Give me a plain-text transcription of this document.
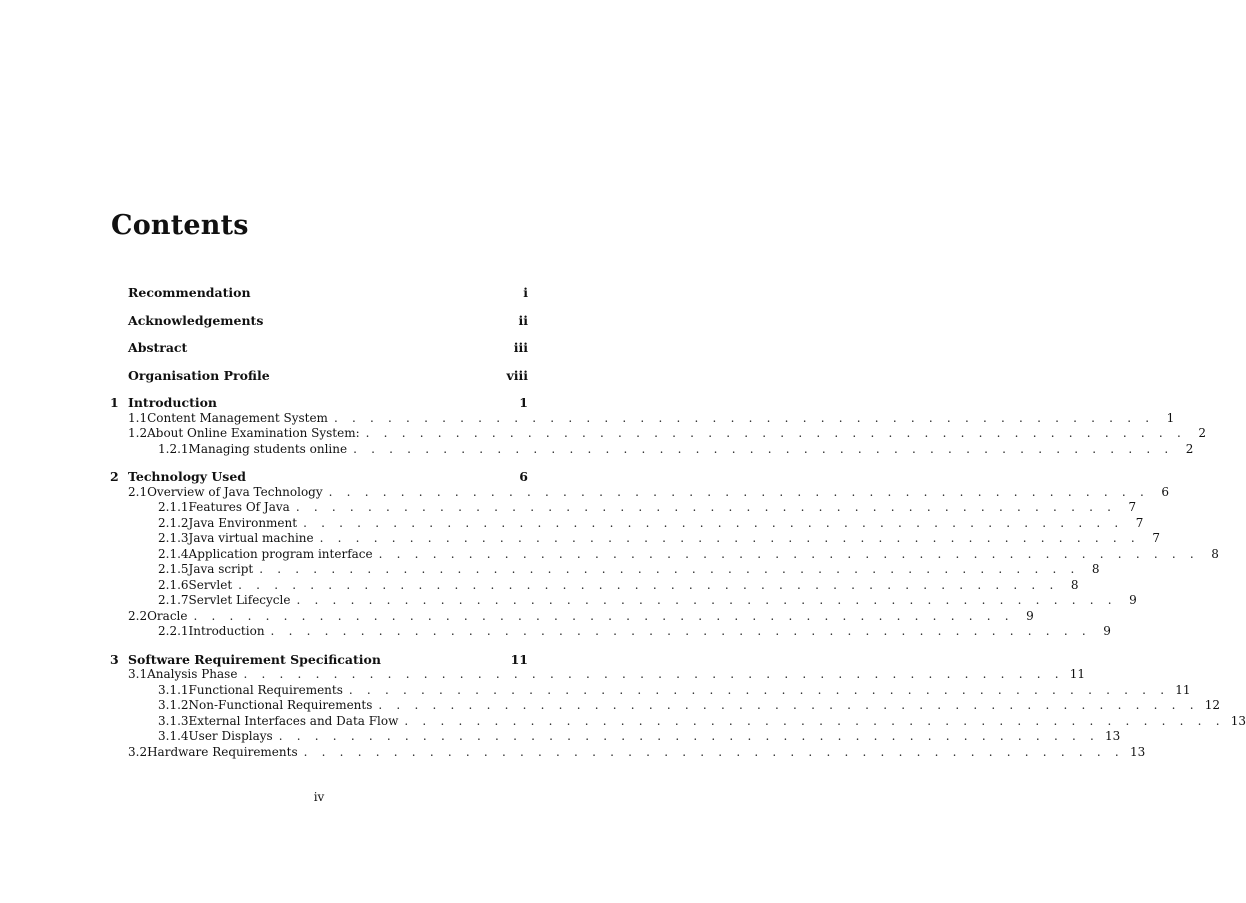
Contents
Recommendation	i
Acknowledgements	ii
Abstract	iii
Organisation Profile	viii
1 Introduction	1
1.1 Content Management System . . . . . . . . . . . . . . . . . . . . . . . . . . . . . . . . . . . . . . . . . . . . . .	1
1.2 About Online Examination System: . . . . . . . . . . . . . . . . . . . . . . . . . . . . . . . . . . . . . . . . . . . . . .	2
1.2.1 Managing students online . . . . . . . . . . . . . . . . . . . . . . . . . . . . . . . . . . . . . . . . . . . . . .	2
2 Technology Used	6
2.1 Overview of Java Technology . . . . . . . . . . . . . . . . . . . . . . . . . . . . . . . . . . . . . . . . . . . . . .	6
2.1.1 Features Of Java . . . . . . . . . . . . . . . . . . . . . . . . . . . . . . . . . . . . . . . . . . . . . .	7
2.1.2 Java Environment . . . . . . . . . . . . . . . . . . . . . . . . . . . . . . . . . . . . . . . . . . . . . .	7
2.1.3 Java virtual machine . . . . . . . . . . . . . . . . . . . . . . . . . . . . . . . . . . . . . . . . . . . . . .	7
2.1.4 Application program interface . . . . . . . . . . . . . . . . . . . . . . . . . . . . . . . . . . . . . . . . . . . . . .	8
2.1.5 Java script . . . . . . . . . . . . . . . . . . . . . . . . . . . . . . . . . . . . . . . . . . . . . .	8
2.1.6 Servlet . . . . . . . . . . . . . . . . . . . . . . . . . . . . . . . . . . . . . . . . . . . . . .	8
2.1.7 Servlet Lifecycle . . . . . . . . . . . . . . . . . . . . . . . . . . . . . . . . . . . . . . . . . . . . . .	9
2.2 Oracle . . . . . . . . . . . . . . . . . . . . . . . . . . . . . . . . . . . . . . . . . . . . . .	9
2.2.1 Introduction . . . . . . . . . . . . . . . . . . . . . . . . . . . . . . . . . . . . . . . . . . . . . .	9
3 Software Requirement Specification	11
3.1 Analysis Phase . . . . . . . . . . . . . . . . . . . . . . . . . . . . . . . . . . . . . . . . . . . . . . 11
3.1.1 Functional Requirements . . . . . . . . . . . . . . . . . . . . . . . . . . . . . . . . . . . . . . . . . . . . . . 11
3.1.2 Non-Functional Requirements . . . . . . . . . . . . . . . . . . . . . . . . . . . . . . . . . . . . . . . . . . . . . . 12
3.1.3 External Interfaces and Data Flow . . . . . . . . . . . . . . . . . . . . . . . . . . . . . . . . . . . . . . . . . . . . . . 13
3.1.4 User Displays . . . . . . . . . . . . . . . . . . . . . . . . . . . . . . . . . . . . . . . . . . . . . . 13
3.2 Hardware Requirements . . . . . . . . . . . . . . . . . . . . . . . . . . . . . . . . . . . . . . . . . . . . . . 13
iv
